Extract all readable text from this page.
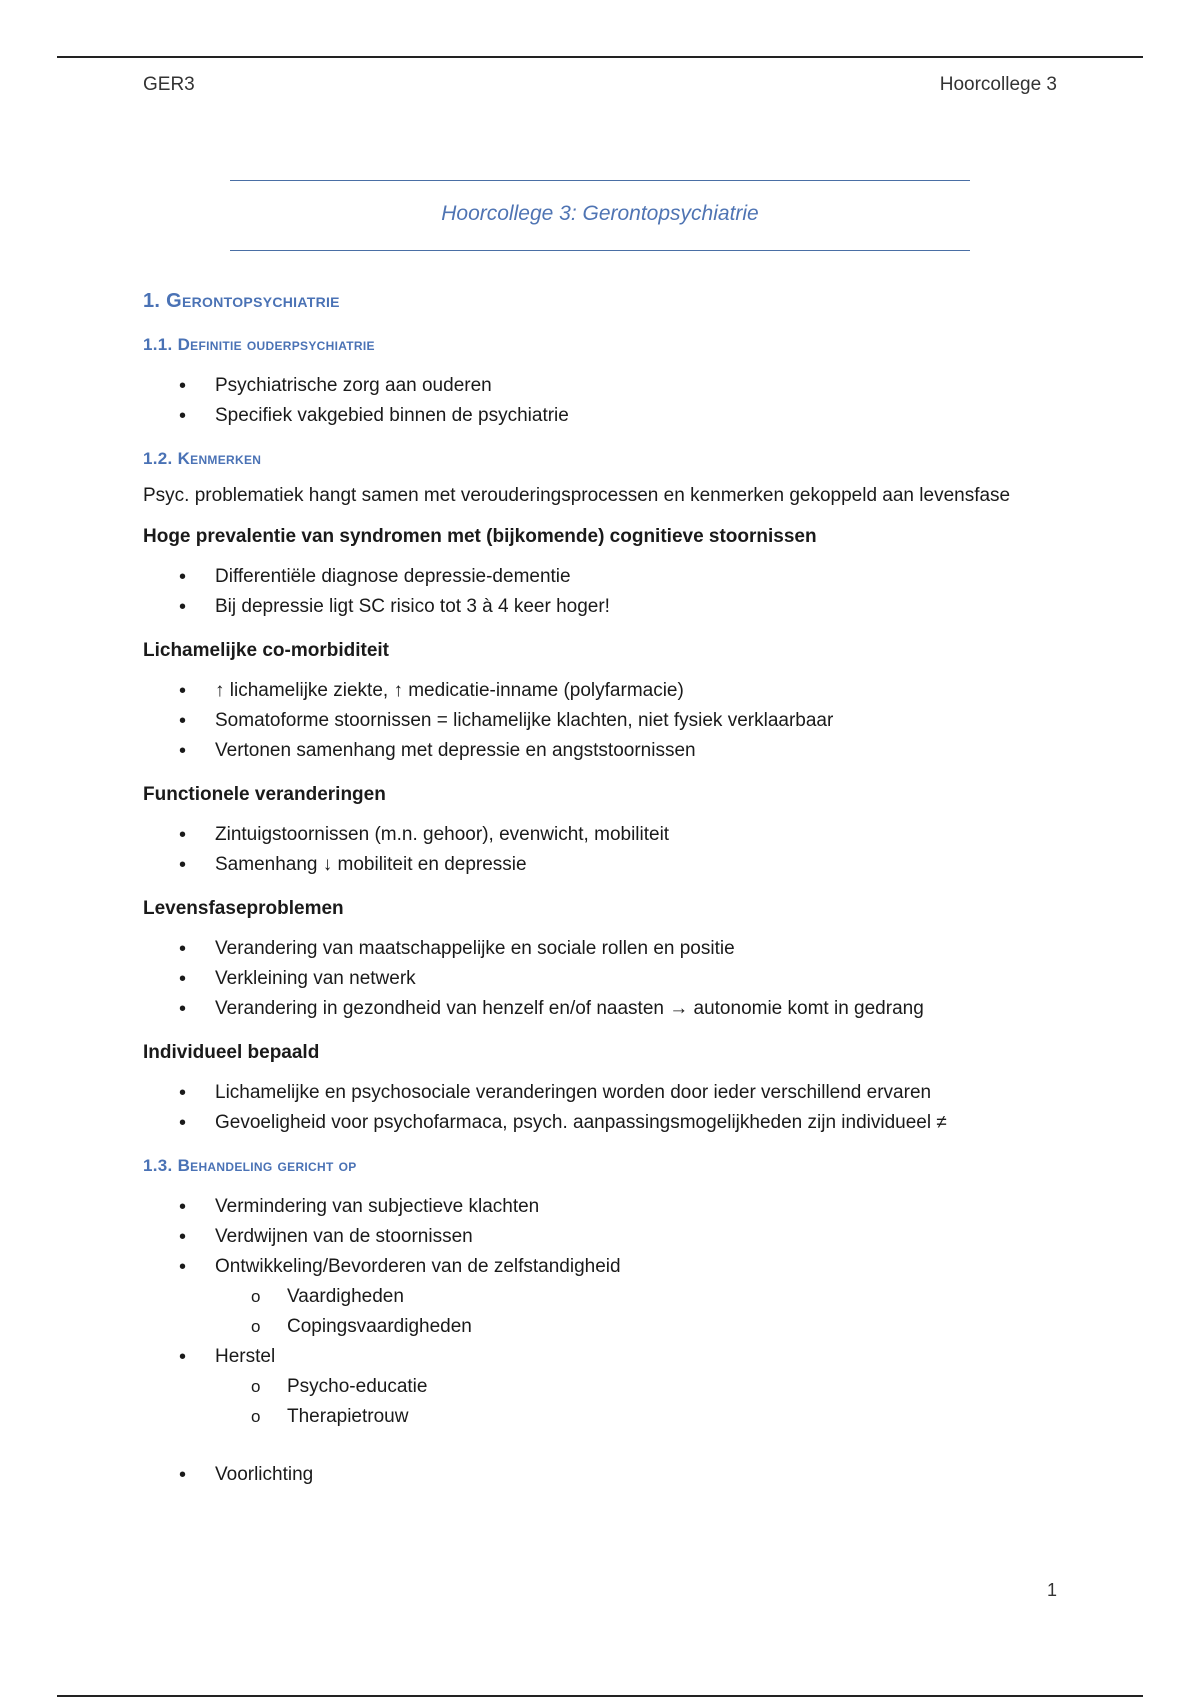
GER3	Hoorcollege 3
Hoorcollege 3: Gerontopsychiatrie
1. Gerontopsychiatrie
1.1. Definitie ouderpsychiatrie
• Psychiatrische zorg aan ouderen
• Specifiek vakgebied binnen de psychiatrie
1.2. Kenmerken

Psyc. problematiek hangt samen met verouderingsprocessen en kenmerken gekoppeld aan levensfase

Hoge prevalentie van syndromen met (bijkomende) cognitieve stoornissen

• Differentiële diagnose depressie-dementie
• Bij depressie ligt SC risico tot 3 à 4 keer hoger!

Lichamelijke co-morbiditeit

• ↑ lichamelijke ziekte, ↑ medicatie-inname (polyfarmacie)
• Somatoforme stoornissen = lichamelijke klachten, niet fysiek verklaarbaar
• Vertonen samenhang met depressie en angststoornissen

Functionele veranderingen

• Zintuigstoornissen (m.n. gehoor), evenwicht, mobiliteit
• Samenhang ↓ mobiliteit en depressie

Levensfaseproblemen

• Verandering van maatschappelijke en sociale rollen en positie
• Verkleining van netwerk
• Verandering in gezondheid van henzelf en/of naasten → autonomie komt in gedrang

Individueel bepaald

• Lichamelijke en psychosociale veranderingen worden door ieder verschillend ervaren
• Gevoeligheid voor psychofarmaca, psych. aanpassingsmogelijkheden zijn individueel ≠
1.3. Behandeling gericht op
• Vermindering van subjectieve klachten
• Verdwijnen van de stoornissen
• Ontwikkeling/Bevorderen van de zelfstandigheid
o Vaardigheden
o Copingsvaardigheden
• Herstel
o Psycho-educatie
o Therapietrouw
• Voorlichting
1
